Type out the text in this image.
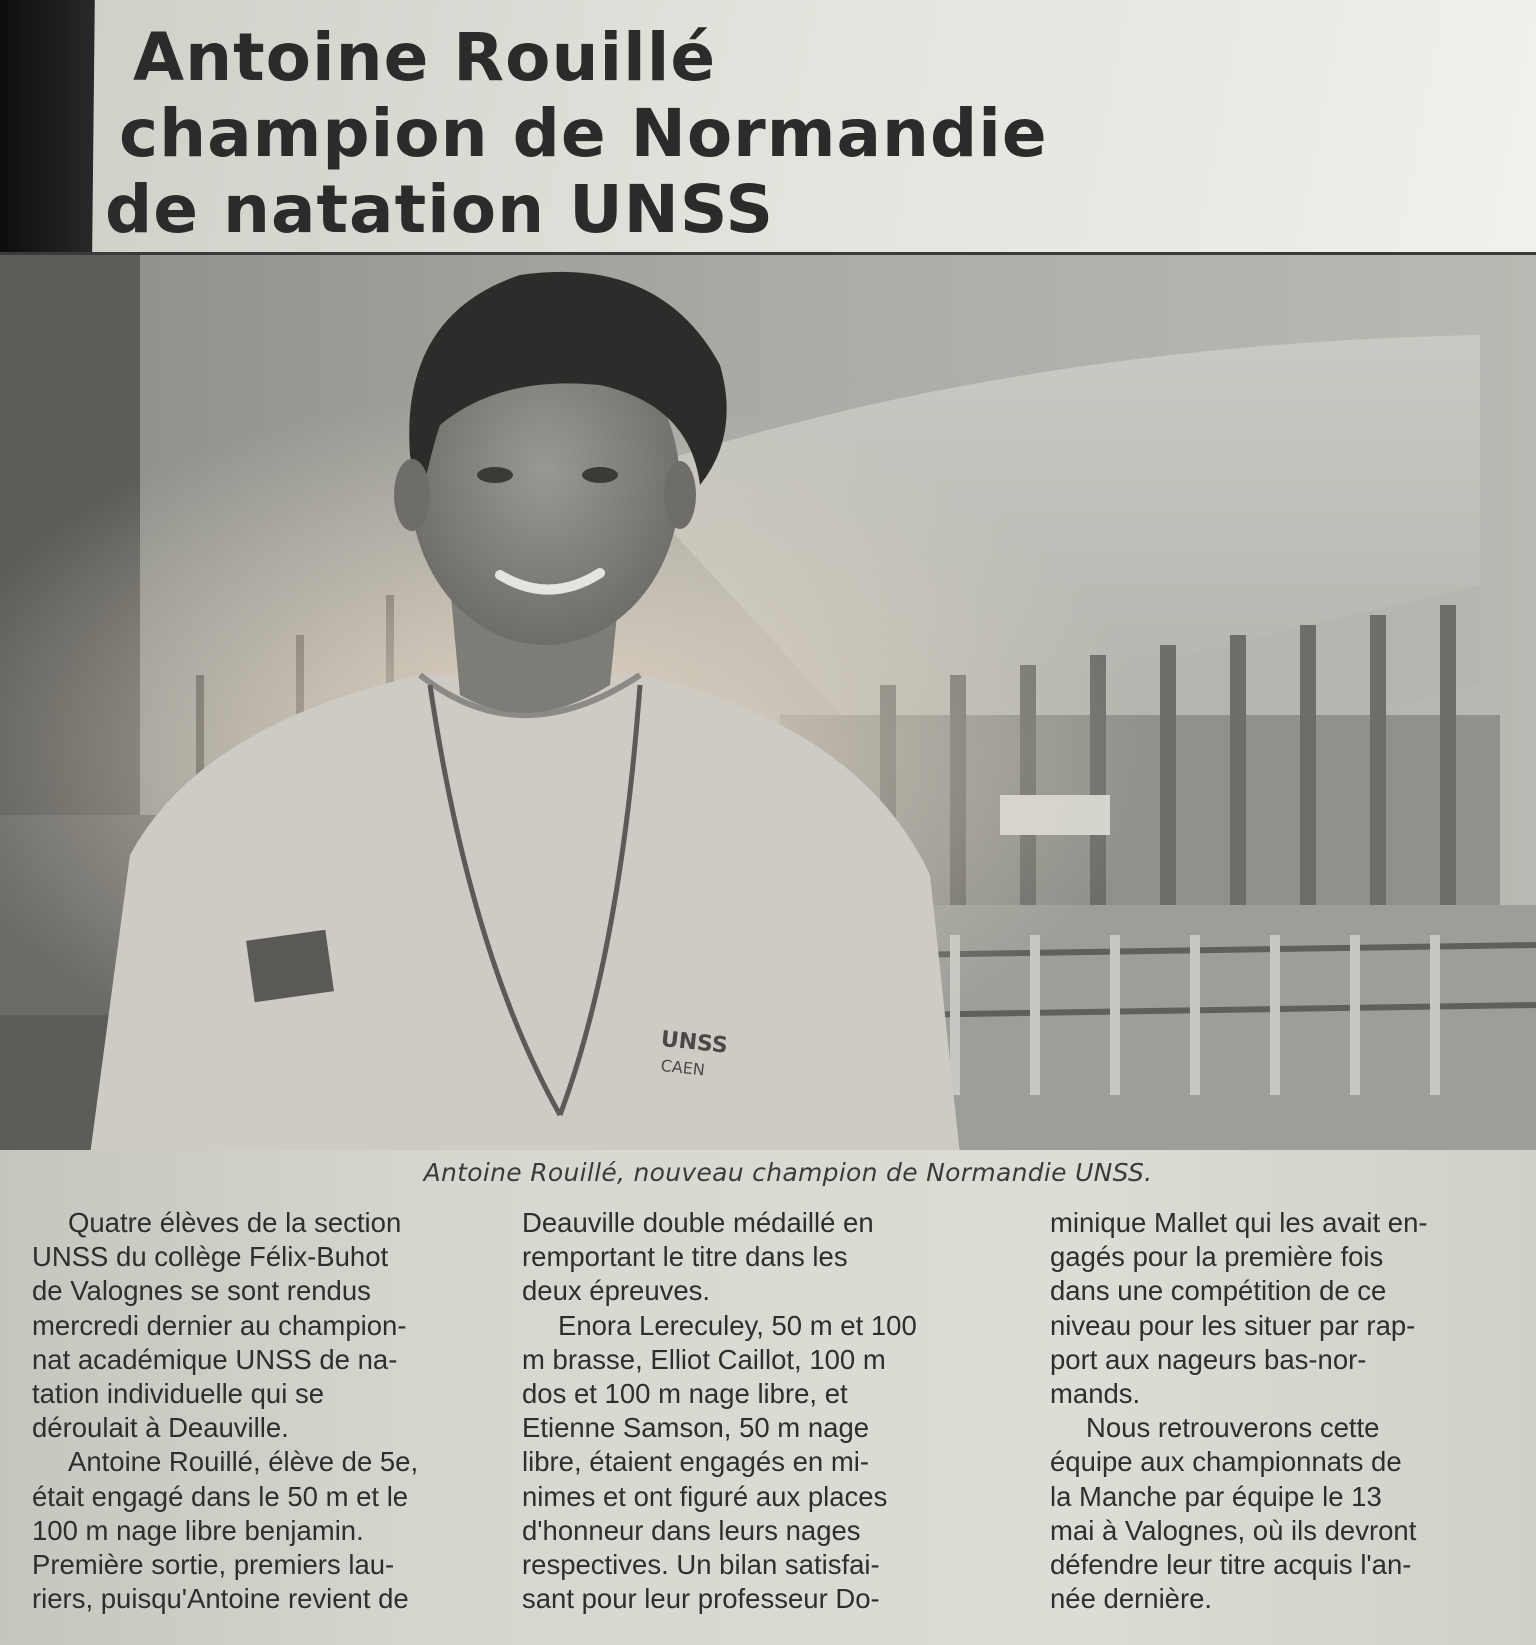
Antoine Rouillé
champion de Normandie
de natation UNSS
UNSS
CAEN

Antoine Rouillé, nouveau champion de Normandie UNSS.

Quatre élèves de la section
UNSS du collège Félix-Buhot
de Valognes se sont rendus
mercredi dernier au champion-
nat académique UNSS de na-
tation individuelle qui se
déroulait à Deauville.
Antoine Rouillé, élève de 5e,
était engagé dans le 50 m et le
100 m nage libre benjamin.
Première sortie, premiers lau-
riers, puisqu'Antoine revient de
Deauville double médaillé en
remportant le titre dans les
deux épreuves.
Enora Lereculey, 50 m et 100
m brasse, Elliot Caillot, 100 m
dos et 100 m nage libre, et
Etienne Samson, 50 m nage
libre, étaient engagés en mi-
nimes et ont figuré aux places
d'honneur dans leurs nages
respectives. Un bilan satisfai-
sant pour leur professeur Do-
minique Mallet qui les avait en-
gagés pour la première fois
dans une compétition de ce
niveau pour les situer par rap-
port aux nageurs bas-nor-
mands.
Nous retrouverons cette
équipe aux championnats de
la Manche par équipe le 13
mai à Valognes, où ils devront
défendre leur titre acquis l'an-
née dernière.
